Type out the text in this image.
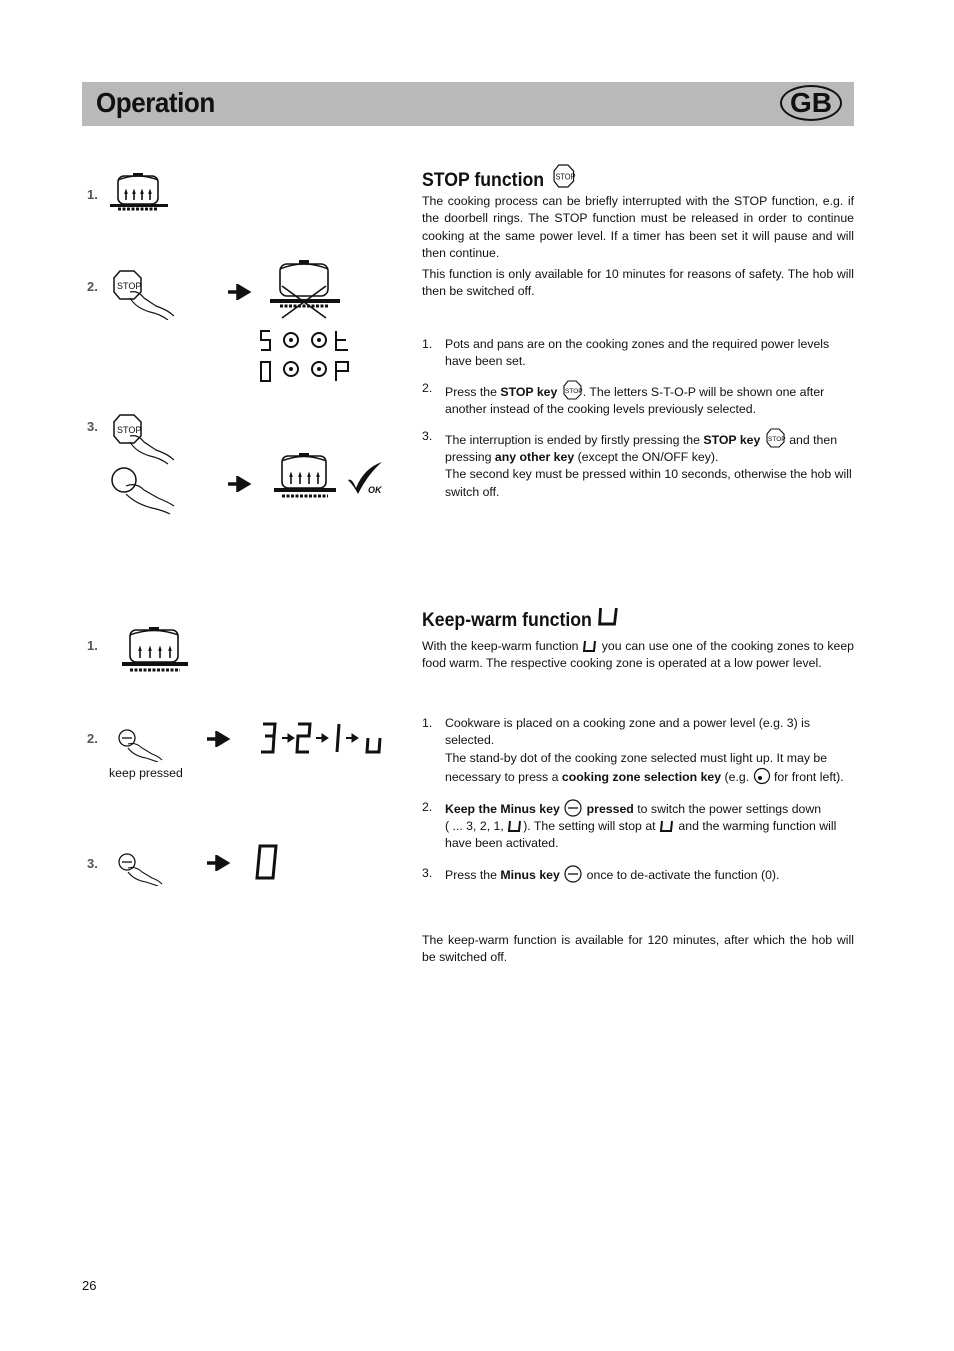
Operation	GB
1.
2.
3.
STOP
STOP
OK
STOP function STOP
The cooking process can be briefly interrupted with the STOP function, e.g. if the doorbell rings. The STOP function must be released in order to continue cooking at the same power level. If a timer has been set it will pause and will then continue.
This function is only available for 10 minutes for reasons of safety. The hob will then be switched off.
1. Pots and pans are on the cooking zones and the required power levels have been set.
2. Press the STOP key STOP . The letters S-T-O-P will be shown one after another instead of the cooking levels previously selected.
3. The interruption is ended by firstly pressing the STOP key STOP and then pressing any other key (except the ON/OFF key).
The second key must be pressed within 10 seconds, otherwise the hob will switch off.
1.
2.
3.
keep pressed
Keep-warm function
With the keep-warm function you can use one of the cooking zones to keep food warm. The respective cooking zone is operated at a low power level.
1. Cookware is placed on a cooking zone and a power level (e.g. 3) is selected.
The stand-by dot of the cooking zone selected must light up. It may be necessary to press a cooking zone selection key (e.g.  for front left).
2. Keep the Minus key pressed to switch the power settings down
( ... 3, 2, 1, ). The setting will stop at and the warming function will have been activated.
3. Press the Minus key  once to de-activate the function (0).
The keep-warm function is available for 120 minutes, after which the hob will be switched off.
26
